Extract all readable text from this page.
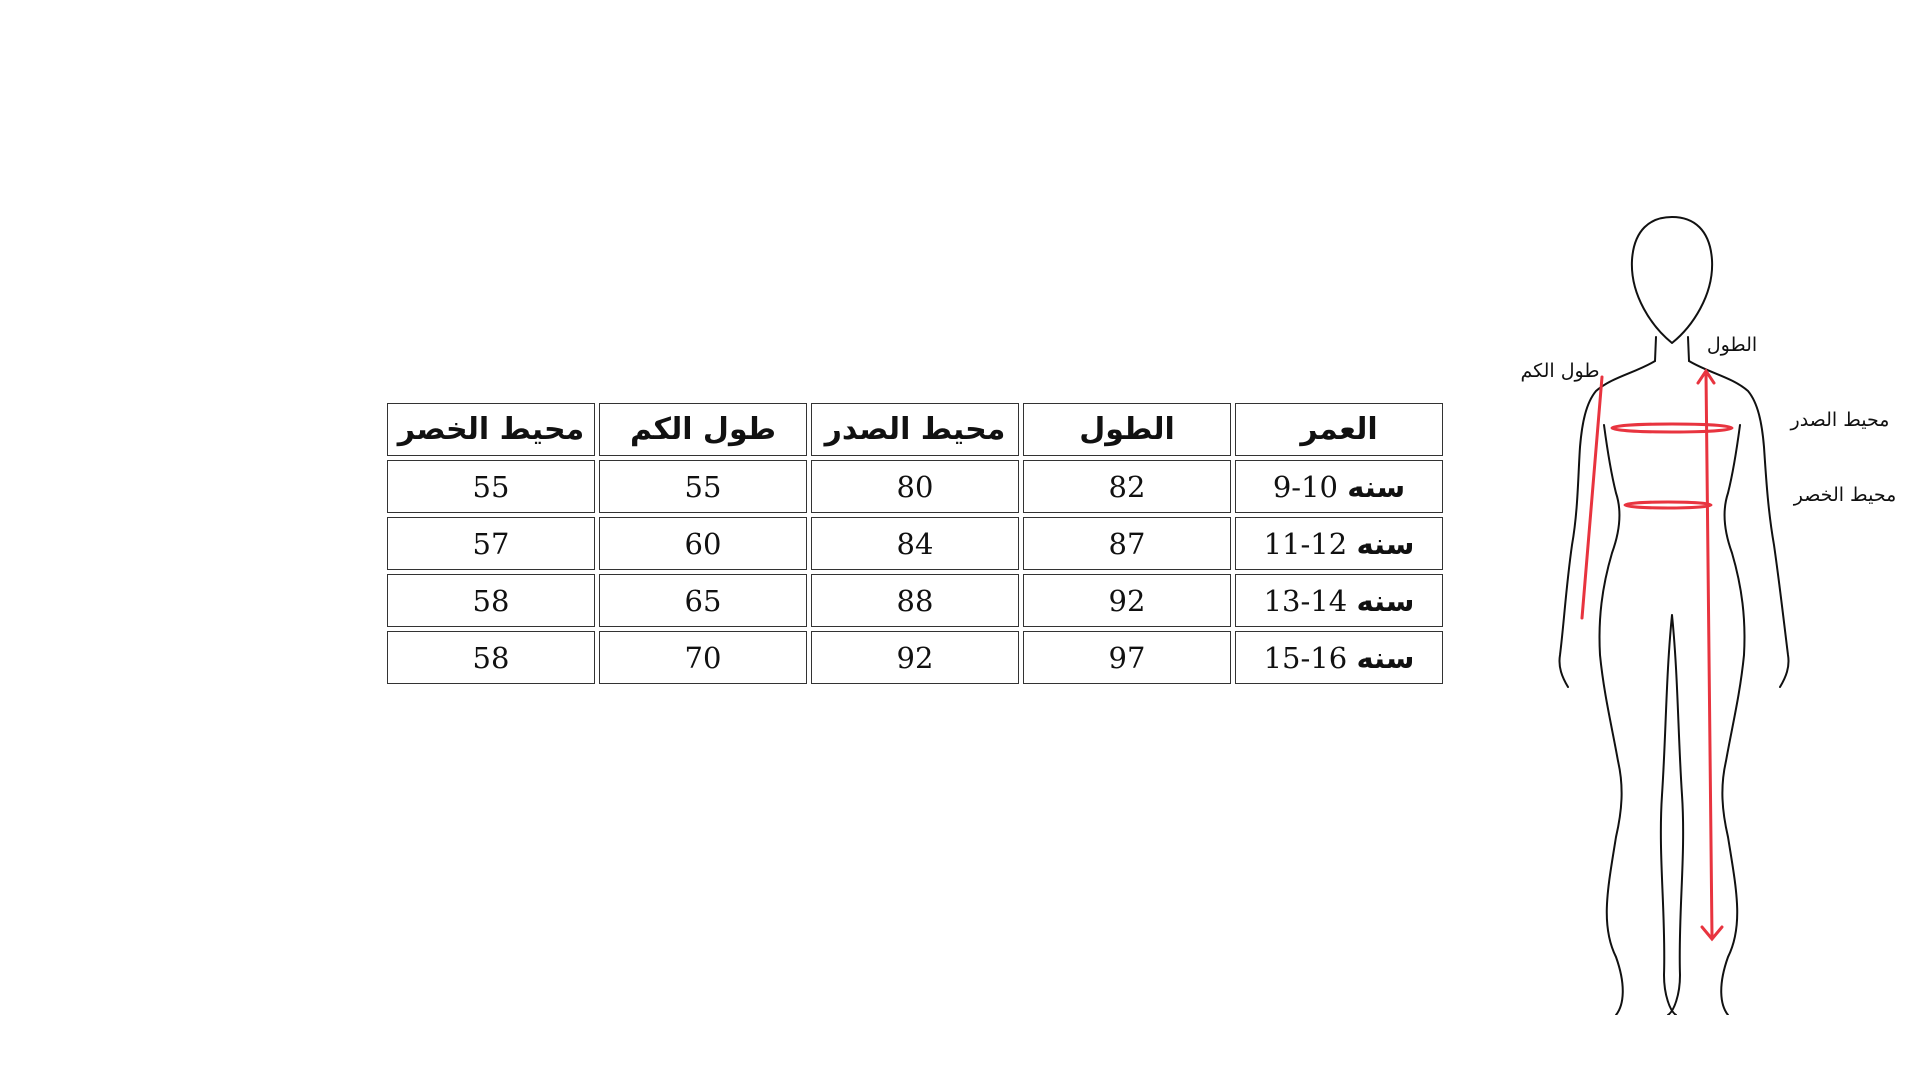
العمر	الطول	محيط الصدر	طول الكم	محيط الخصر
سنه 9-10	82	80	55	55
سنه 11-12	87	84	60	57
سنه 13-14	92	88	65	58
سنه 15-16	97	92	70	58
الطول
طول الكم
محيط الصدر
محيط الخصر
